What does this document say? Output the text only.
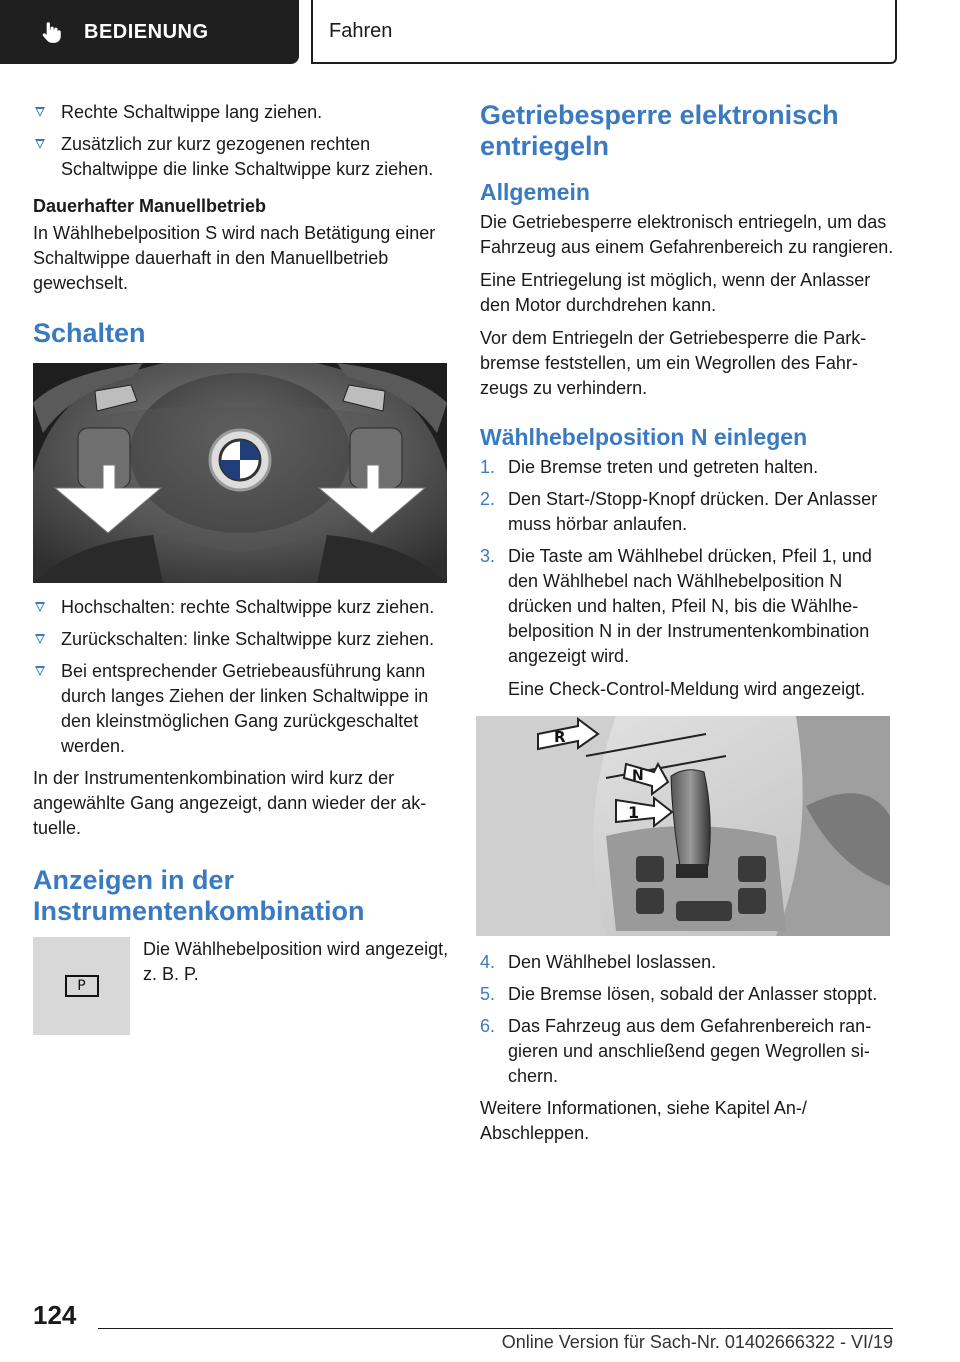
BEDIENUNG	Fahren
Rechte Schaltwippe lang ziehen.
Zusätzlich zur kurz gezogenen rechten Schaltwippe die linke Schaltwippe kurz ziehen.
Dauerhafter Manuellbetrieb

In Wählhebelposition S wird nach Betätigung einer Schaltwippe dauerhaft in den Manuellbetrieb gewechselt.

Schalten
Hochschalten: rechte Schaltwippe kurz ziehen.
Zurückschalten: linke Schaltwippe kurz ziehen.
Bei entsprechender Getriebeausführung kann durch langes Ziehen der linken Schaltwippe in den kleinstmöglichen Gang zurückgeschaltet werden.

In der Instrumentenkombination wird kurz der angewählte Gang angezeigt, dann wieder der aktuelle.

Anzeigen in der Instrumentenkombination
P
Die Wählhebelposition wird angezeigt, z. B. P.
Getriebesperre elektronisch entriegeln
Allgemein

Die Getriebesperre elektronisch entriegeln, um das Fahrzeug aus einem Gefahrenbereich zu rangieren.

Eine Entriegelung ist möglich, wenn der Anlasser den Motor durchdrehen kann.

Vor dem Entriegeln der Getriebesperre die Parkbremse feststellen, um ein Wegrollen des Fahrzeugs zu verhindern.

Wählhebelposition N einlegen
1. Die Bremse treten und getreten halten.
2. Den Start-/Stopp-Knopf drücken. Der Anlasser muss hörbar anlaufen.
3. Die Taste am Wählhebel drücken, Pfeil 1, und den Wählhebel nach Wählhebelposition N drücken und halten, Pfeil N, bis die Wählhebelposition N in der Instrumentenkombination angezeigt wird.
Eine Check-Control-Meldung wird angezeigt.
R
N
1
4. Den Wählhebel loslassen.
5. Die Bremse lösen, sobald der Anlasser stoppt.
6. Das Fahrzeug aus dem Gefahrenbereich rangieren und anschließend gegen Wegrollen sichern.

Weitere Informationen, siehe Kapitel An-/ Abschleppen.

124
Online Version für Sach-Nr. 01402666322 - VI/19
